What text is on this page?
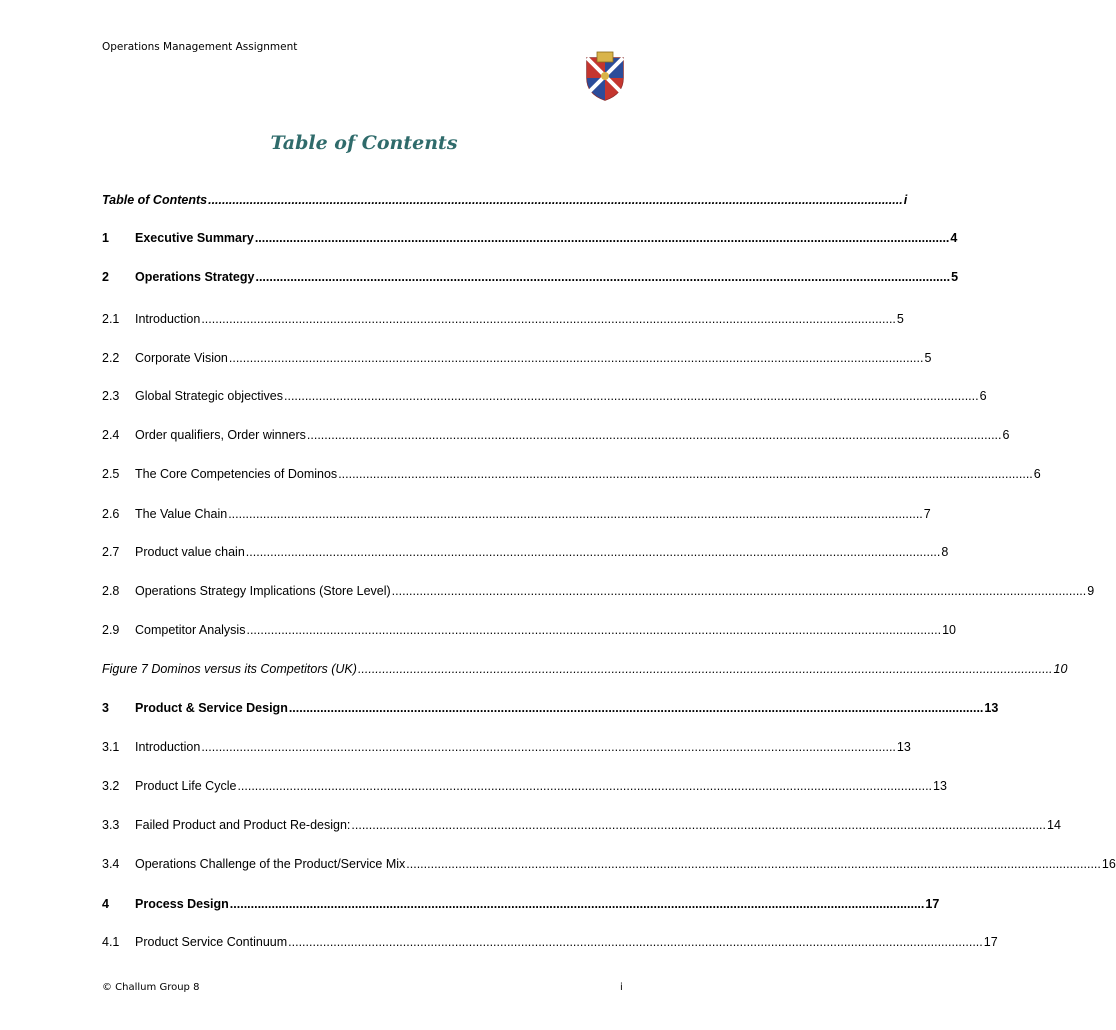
Operations Management Assignment
Table of Contents
Table of Contents ........................................................................................................................................................................................................ i
1	Executive Summary ........................................................................................................................................................................................................ 4
2	Operations Strategy ........................................................................................................................................................................................................ 5
2.1	Introduction ........................................................................................................................................................................................................ 5
2.2	Corporate Vision ........................................................................................................................................................................................................ 5
2.3	Global Strategic objectives ........................................................................................................................................................................................................ 6
2.4	Order qualifiers, Order winners ........................................................................................................................................................................................................ 6
2.5	The Core Competencies of Dominos ........................................................................................................................................................................................................ 6
2.6	The Value Chain ........................................................................................................................................................................................................ 7
2.7	Product value chain ........................................................................................................................................................................................................ 8
2.8	Operations Strategy Implications (Store Level) ........................................................................................................................................................................................................ 9
2.9	Competitor Analysis ........................................................................................................................................................................................................ 10
Figure 7 Dominos versus its Competitors (UK) ........................................................................................................................................................................................................ 10
3	Product & Service Design ........................................................................................................................................................................................................ 13
3.1	Introduction ........................................................................................................................................................................................................ 13
3.2	Product Life Cycle ........................................................................................................................................................................................................ 13
3.3	Failed Product and Product Re-design: ........................................................................................................................................................................................................ 14
3.4	Operations Challenge of the Product/Service Mix ........................................................................................................................................................................................................ 16
4	Process Design ........................................................................................................................................................................................................ 17
4.1	Product Service Continuum ........................................................................................................................................................................................................ 17
© Challum Group 8	i
